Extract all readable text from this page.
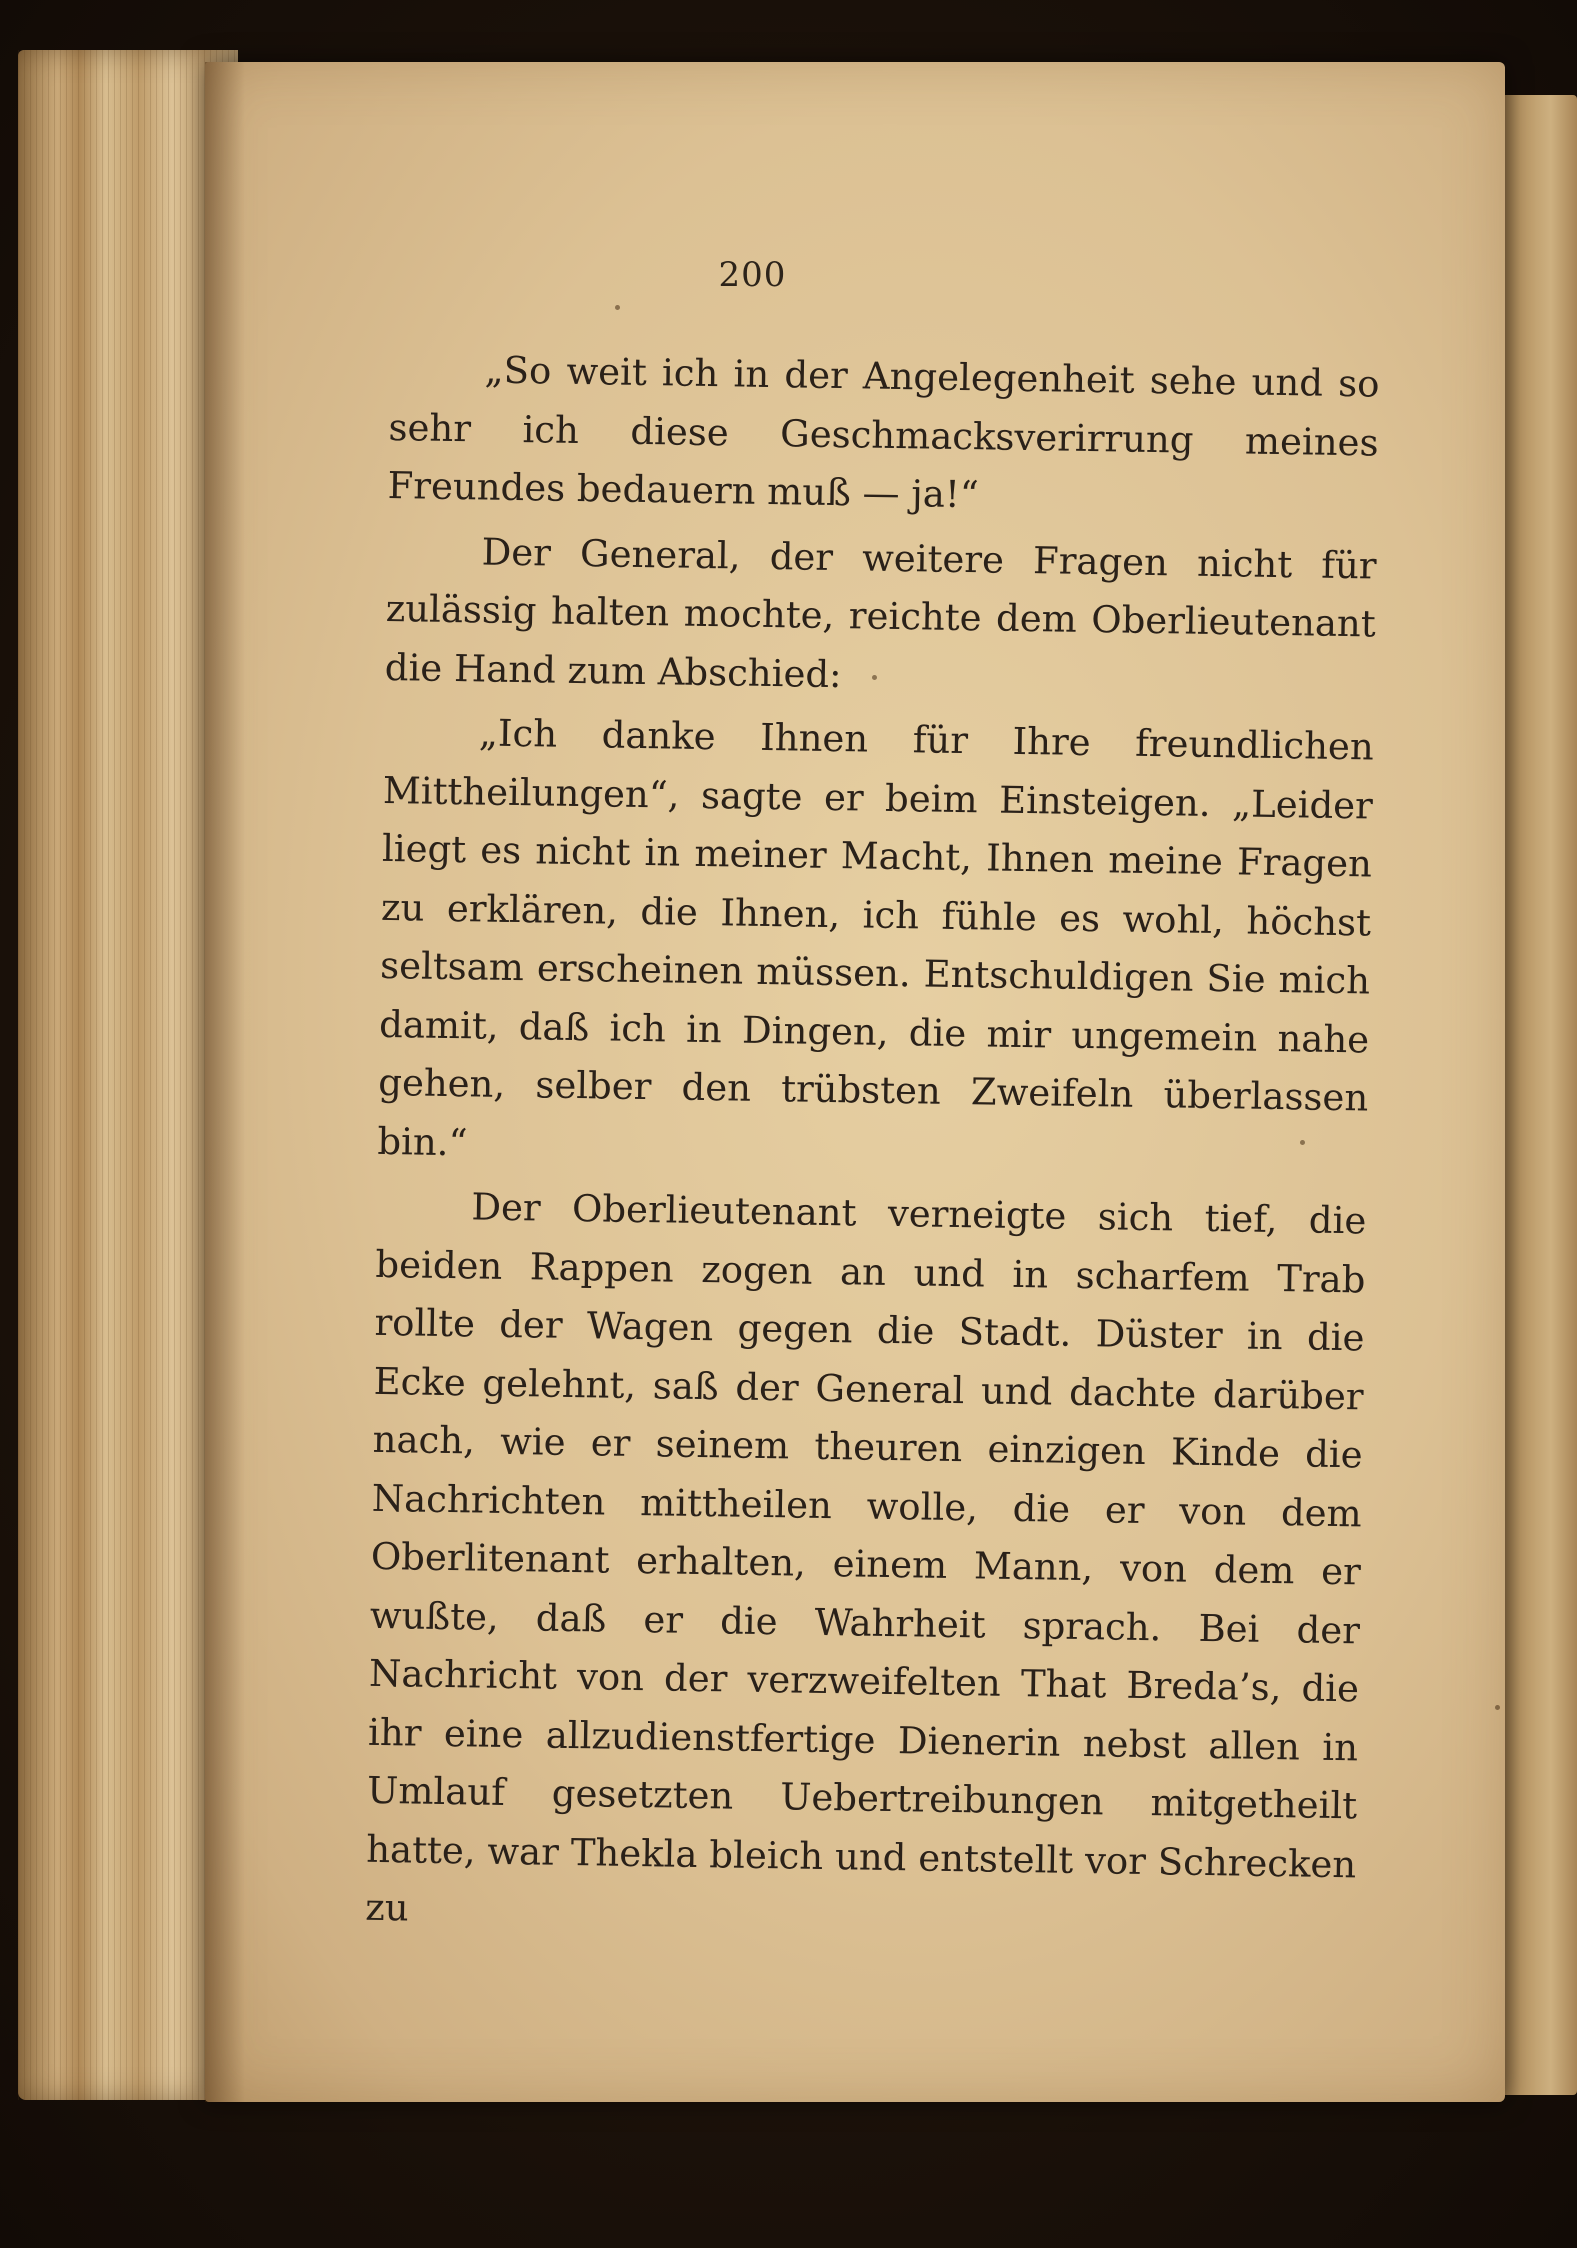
200

„So weit ich in der Angelegenheit sehe und so sehr ich diese Geschmacksverirrung meines Freundes bedauern muß — ja!“

Der General, der weitere Fragen nicht für zulässig halten mochte, reichte dem Oberlieutenant die Hand zum Abschied:

„Ich danke Ihnen für Ihre freundlichen Mittheilungen“, sagte er beim Einsteigen. „Leider liegt es nicht in meiner Macht, Ihnen meine Fragen zu erklären, die Ihnen, ich fühle es wohl, höchst seltsam erscheinen müssen. Entschuldigen Sie mich damit, daß ich in Dingen, die mir ungemein nahe gehen, selber den trübsten Zweifeln überlassen bin.“

Der Oberlieutenant verneigte sich tief, die beiden Rappen zogen an und in scharfem Trab rollte der Wagen gegen die Stadt. Düster in die Ecke gelehnt, saß der General und dachte darüber nach, wie er seinem theuren einzigen Kinde die Nachrichten mittheilen wolle, die er von dem Oberlitenant erhalten, einem Mann, von dem er wußte, daß er die Wahrheit sprach. Bei der Nachricht von der verzweifelten That Breda’s, die ihr eine allzudienstfertige Dienerin nebst allen in Umlauf gesetzten Uebertreibungen mitgetheilt hatte, war Thekla bleich und entstellt vor Schrecken zu
